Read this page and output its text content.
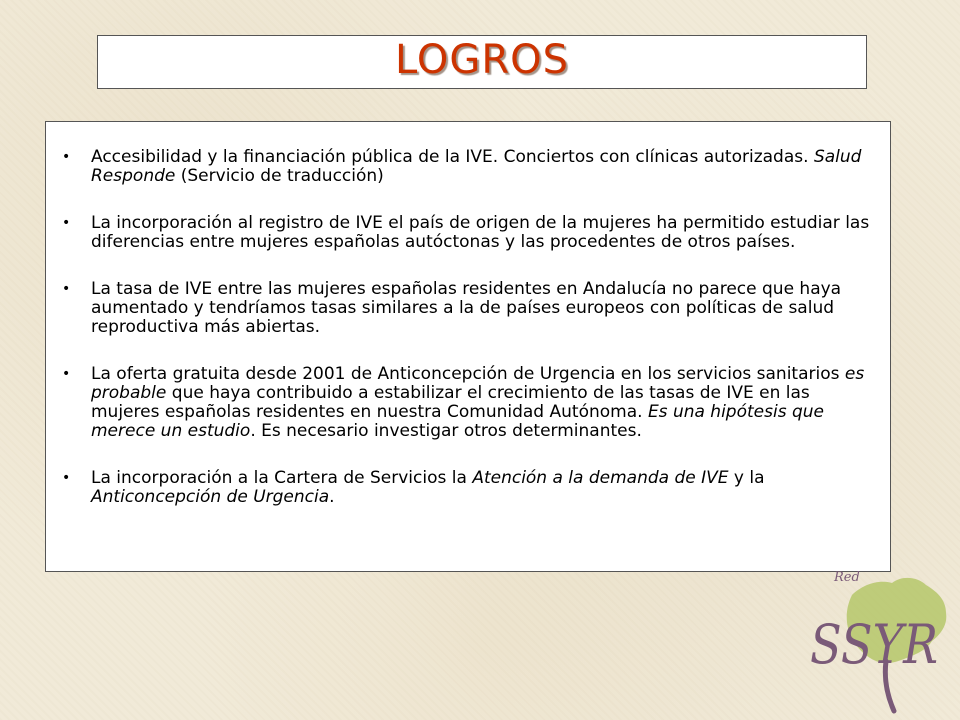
LOGROS
• Accesibilidad y la financiación pública de la IVE. Conciertos con clínicas autorizadas. Salud Responde (Servicio de traducción)
• La incorporación al registro de IVE el país de origen de la mujeres ha permitido estudiar las diferencias entre mujeres españolas autóctonas y las procedentes de otros países.
• La tasa de IVE entre las mujeres españolas residentes en Andalucía no parece que haya aumentado y tendríamos tasas similares a la de países europeos con políticas de salud reproductiva más abiertas.
• La oferta gratuita desde 2001 de Anticoncepción de Urgencia en los servicios sanitarios es probable que haya contribuido a estabilizar el crecimiento de las tasas de IVE en las mujeres españolas residentes en nuestra Comunidad Autónoma. Es una hipótesis que merece un estudio. Es necesario investigar otros determinantes.
• La incorporación a la Cartera de Servicios la Atención a la demanda de IVE y la Anticoncepción de Urgencia.
Red
SSYR
